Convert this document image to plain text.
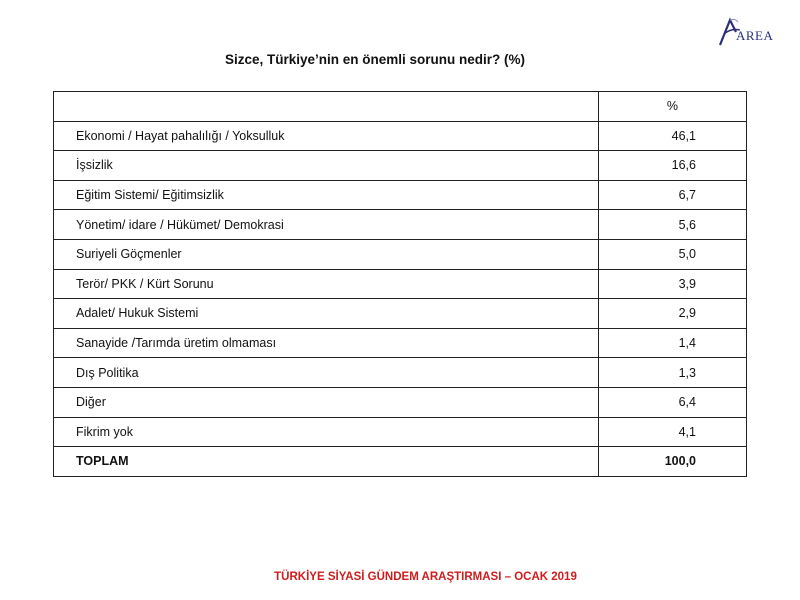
AREA
Sizce, Türkiye’nin en önemli sorunu nedir? (%)
	%
Ekonomi / Hayat pahalılığı / Yoksulluk	46,1
İşsizlik	16,6
Eğitim Sistemi/ Eğitimsizlik	6,7
Yönetim/ idare / Hükümet/ Demokrasi	5,6
Suriyeli Göçmenler	5,0
Terör/ PKK / Kürt Sorunu	3,9
Adalet/ Hukuk Sistemi	2,9
Sanayide /Tarımda üretim olmaması	1,4
Dış Politika	1,3
Diğer	6,4
Fikrim yok	4,1
TOPLAM	100,0
TÜRKİYE SİYASİ GÜNDEM ARAŞTIRMASI – OCAK 2019
